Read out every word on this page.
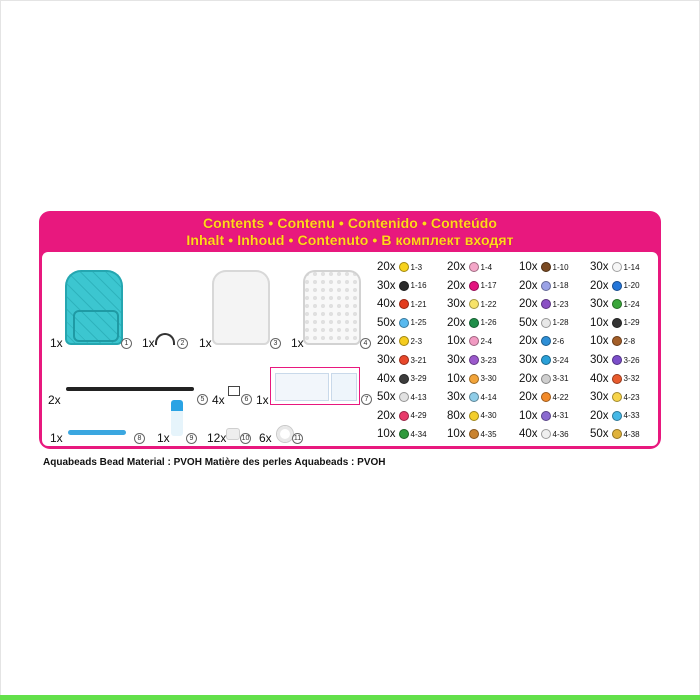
Contents • Contenu • Contenido • Conteúdo
Inhalt • Inhoud • Contenuto • В комплект входят
1x	1 1x	2 1x	3 1x	4
2x	5 4x	6 1x	7
1x	8 1x	9 12x 10 6x	11
20x 1-3 20x 1-4 10x 1-10 30x 1-14
30x 1-16 20x 1-17 20x 1-18 20x 1-20
40x 1-21 30x 1-22 20x 1-23 30x 1-24
50x 1-25 20x 1-26 50x 1-28 10x 1-29
20x 2-3 10x 2-4 20x 2-6 10x 2-8
30x 3-21 30x 3-23 30x 3-24 30x 3-26
40x 3-29 10x 3-30 20x 3-31 40x 3-32
50x 4-13 30x 4-14 20x 4-22 30x 4-23
20x 4-29 80x 4-30 10x 4-31 20x 4-33
10x 4-34 10x 4-35 40x 4-36 50x 4-38
Aquabeads Bead Material : PVOH Matière des perles Aquabeads : PVOH
